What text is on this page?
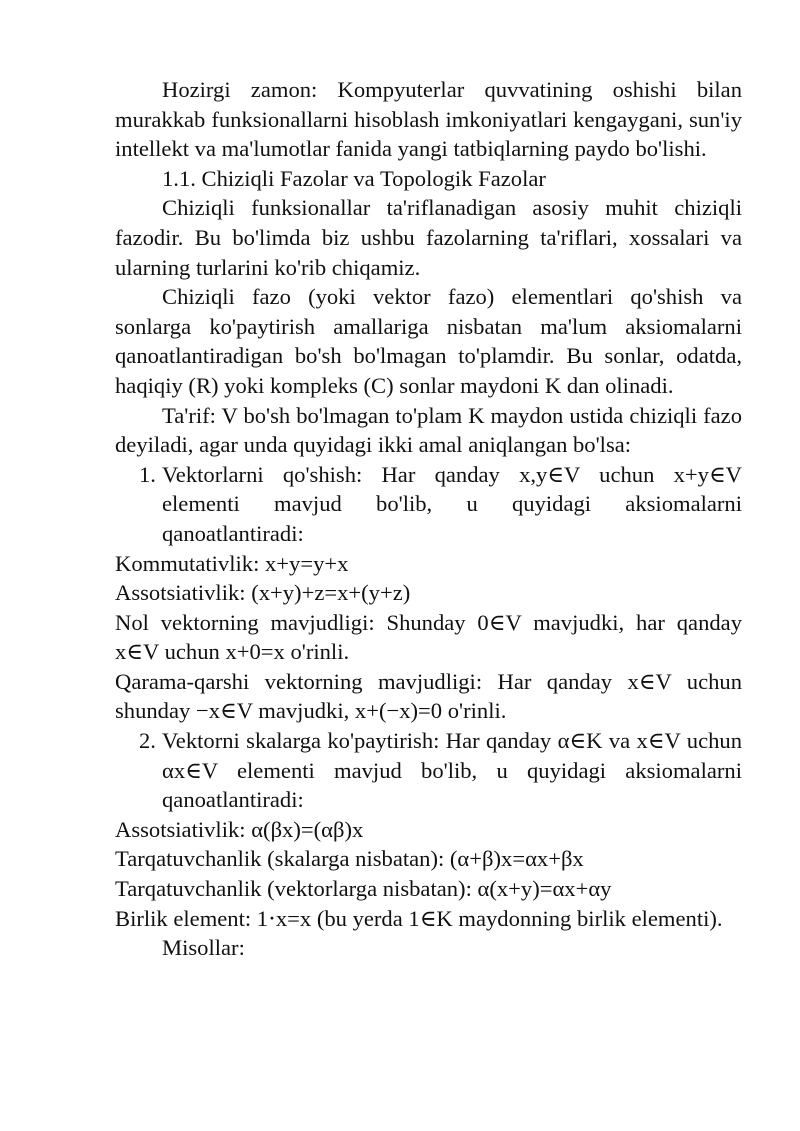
Hozirgi zamon: Kompyuterlar quvvatining oshishi bilan murakkab funksionallarni hisoblash imkoniyatlari kengaygani, sun'iy intellekt va ma'lumotlar fanida yangi tatbiqlarning paydo bo'lishi.

1.1. Chiziqli Fazolar va Topologik Fazolar

Chiziqli funksionallar ta'riflanadigan asosiy muhit chiziqli fazodir. Bu bo'limda biz ushbu fazolarning ta'riflari, xossalari va ularning turlarini ko'rib chiqamiz.

Chiziqli fazo (yoki vektor fazo) elementlari qo'shish va sonlarga ko'paytirish amallariga nisbatan ma'lum aksiomalarni qanoatlantiradigan bo'sh bo'lmagan to'plamdir. Bu sonlar, odatda, haqiqiy (R) yoki kompleks (C) sonlar maydoni K dan olinadi.

Ta'rif: V bo'sh bo'lmagan to'plam K maydon ustida chiziqli fazo deyiladi, agar unda quyidagi ikki amal aniqlangan bo'lsa:

1. Vektorlarni qo'shish: Har qanday x,y∈V uchun x+y∈V elementi mavjud bo'lib, u quyidagi aksiomalarni qanoatlantiradi:

Kommutativlik: x+y=y+x

Assotsiativlik: (x+y)+z=x+(y+z)

Nol vektorning mavjudligi: Shunday 0∈V mavjudki, har qanday x∈V uchun x+0=x o'rinli.

Qarama-qarshi vektorning mavjudligi: Har qanday x∈V uchun shunday −x∈V mavjudki, x+(−x)=0 o'rinli.

2. Vektorni skalarga ko'paytirish: Har qanday α∈K va x∈V uchun αx∈V elementi mavjud bo'lib, u quyidagi aksiomalarni qanoatlantiradi:

Assotsiativlik: α(βx)=(αβ)x

Tarqatuvchanlik (skalarga nisbatan): (α+β)x=αx+βx

Tarqatuvchanlik (vektorlarga nisbatan): α(x+y)=αx+αy

Birlik element: 1⋅x=x (bu yerda 1∈K maydonning birlik elementi).

Misollar:
